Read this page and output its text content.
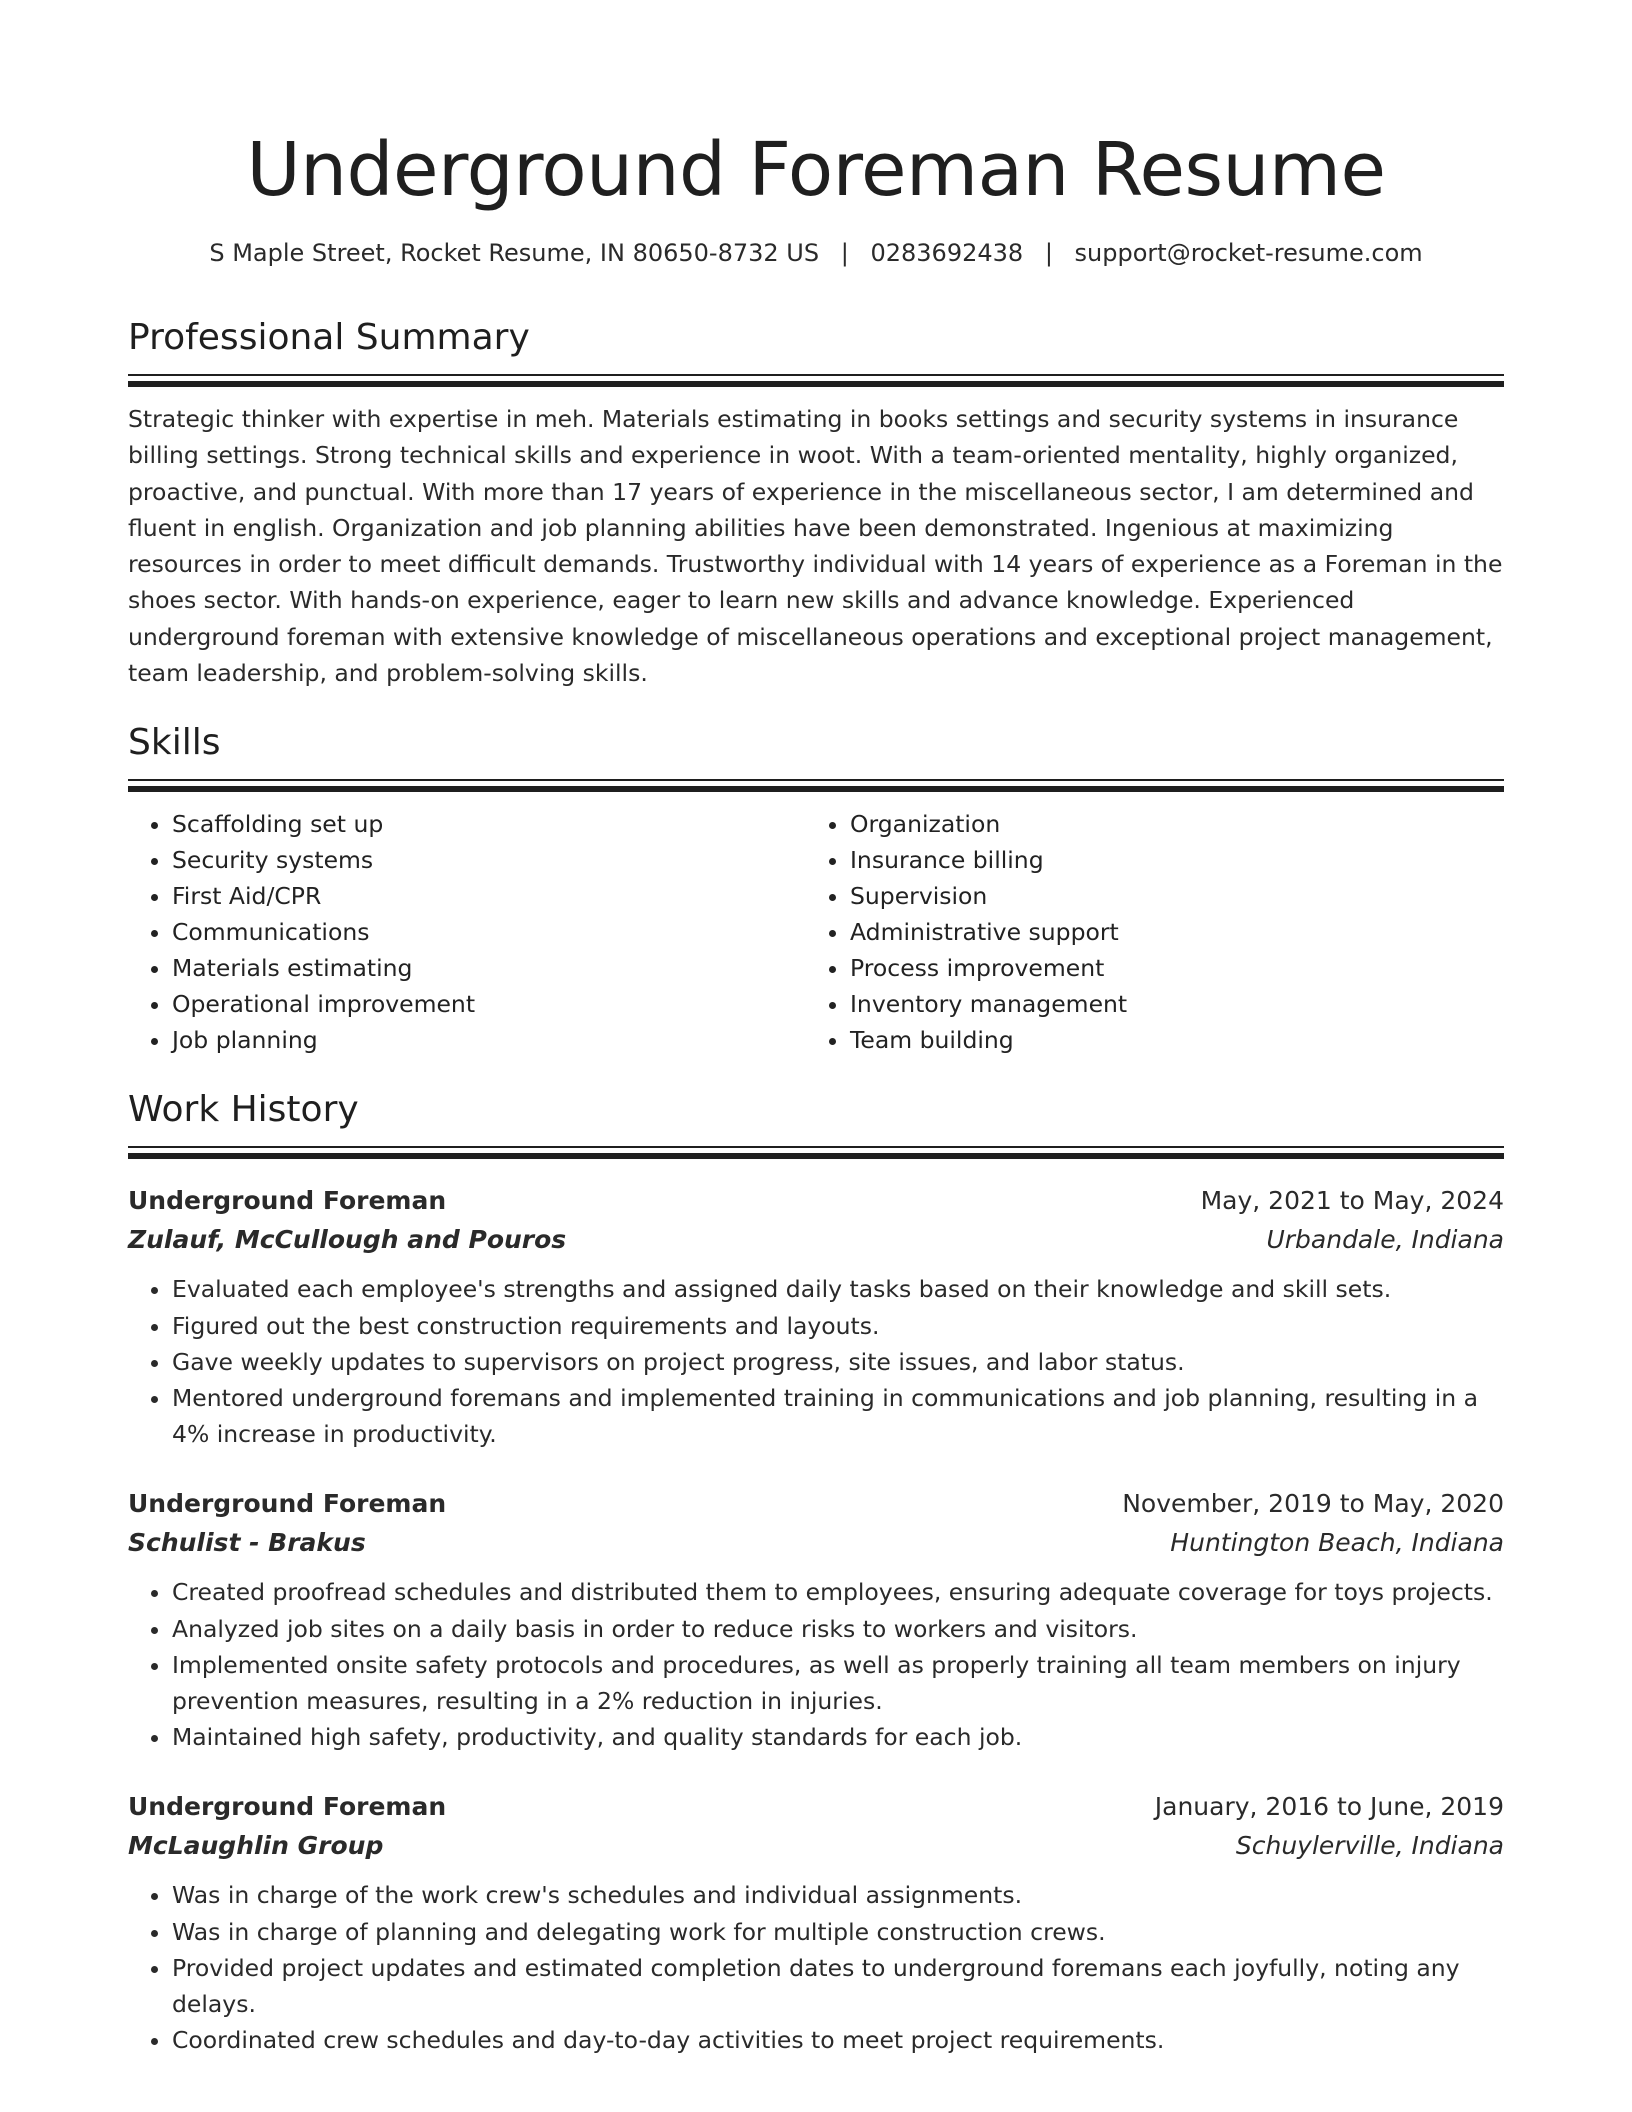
Underground Foreman Resume
S Maple Street, Rocket Resume, IN 80650-8732 US | 0283692438 | support@rocket-resume.com
Professional Summary

Strategic thinker with expertise in meh. Materials estimating in books settings and security systems in insurance billing settings. Strong technical skills and experience in woot. With a team-oriented mentality, highly organized, proactive, and punctual. With more than 17 years of experience in the miscellaneous sector, I am determined and fluent in english. Organization and job planning abilities have been demonstrated. Ingenious at maximizing resources in order to meet difficult demands. Trustworthy individual with 14 years of experience as a Foreman in the shoes sector. With hands-on experience, eager to learn new skills and advance knowledge. Experienced underground foreman with extensive knowledge of miscellaneous operations and exceptional project management, team leadership, and problem-solving skills.

Skills
• Scaffolding set up
• Security systems
• First Aid/CPR
• Communications
• Materials estimating
• Operational improvement
• Job planning
• Organization
• Insurance billing
• Supervision
• Administrative support
• Process improvement
• Inventory management
• Team building
Work History
Underground Foreman	May, 2021 to May, 2024
Zulauf, McCullough and Pouros	Urbandale, Indiana
• Evaluated each employee's strengths and assigned daily tasks based on their knowledge and skill sets.
• Figured out the best construction requirements and layouts.
• Gave weekly updates to supervisors on project progress, site issues, and labor status.
• Mentored underground foremans and implemented training in communications and job planning, resulting in a 4% increase in productivity.
Underground Foreman	November, 2019 to May, 2020
Schulist - Brakus	Huntington Beach, Indiana
• Created proofread schedules and distributed them to employees, ensuring adequate coverage for toys projects.
• Analyzed job sites on a daily basis in order to reduce risks to workers and visitors.
• Implemented onsite safety protocols and procedures, as well as properly training all team members on injury prevention measures, resulting in a 2% reduction in injuries.
• Maintained high safety, productivity, and quality standards for each job.
Underground Foreman	January, 2016 to June, 2019
McLaughlin Group	Schuylerville, Indiana
• Was in charge of the work crew's schedules and individual assignments.
• Was in charge of planning and delegating work for multiple construction crews.
• Provided project updates and estimated completion dates to underground foremans each joyfully, noting any delays.
• Coordinated crew schedules and day-to-day activities to meet project requirements.
